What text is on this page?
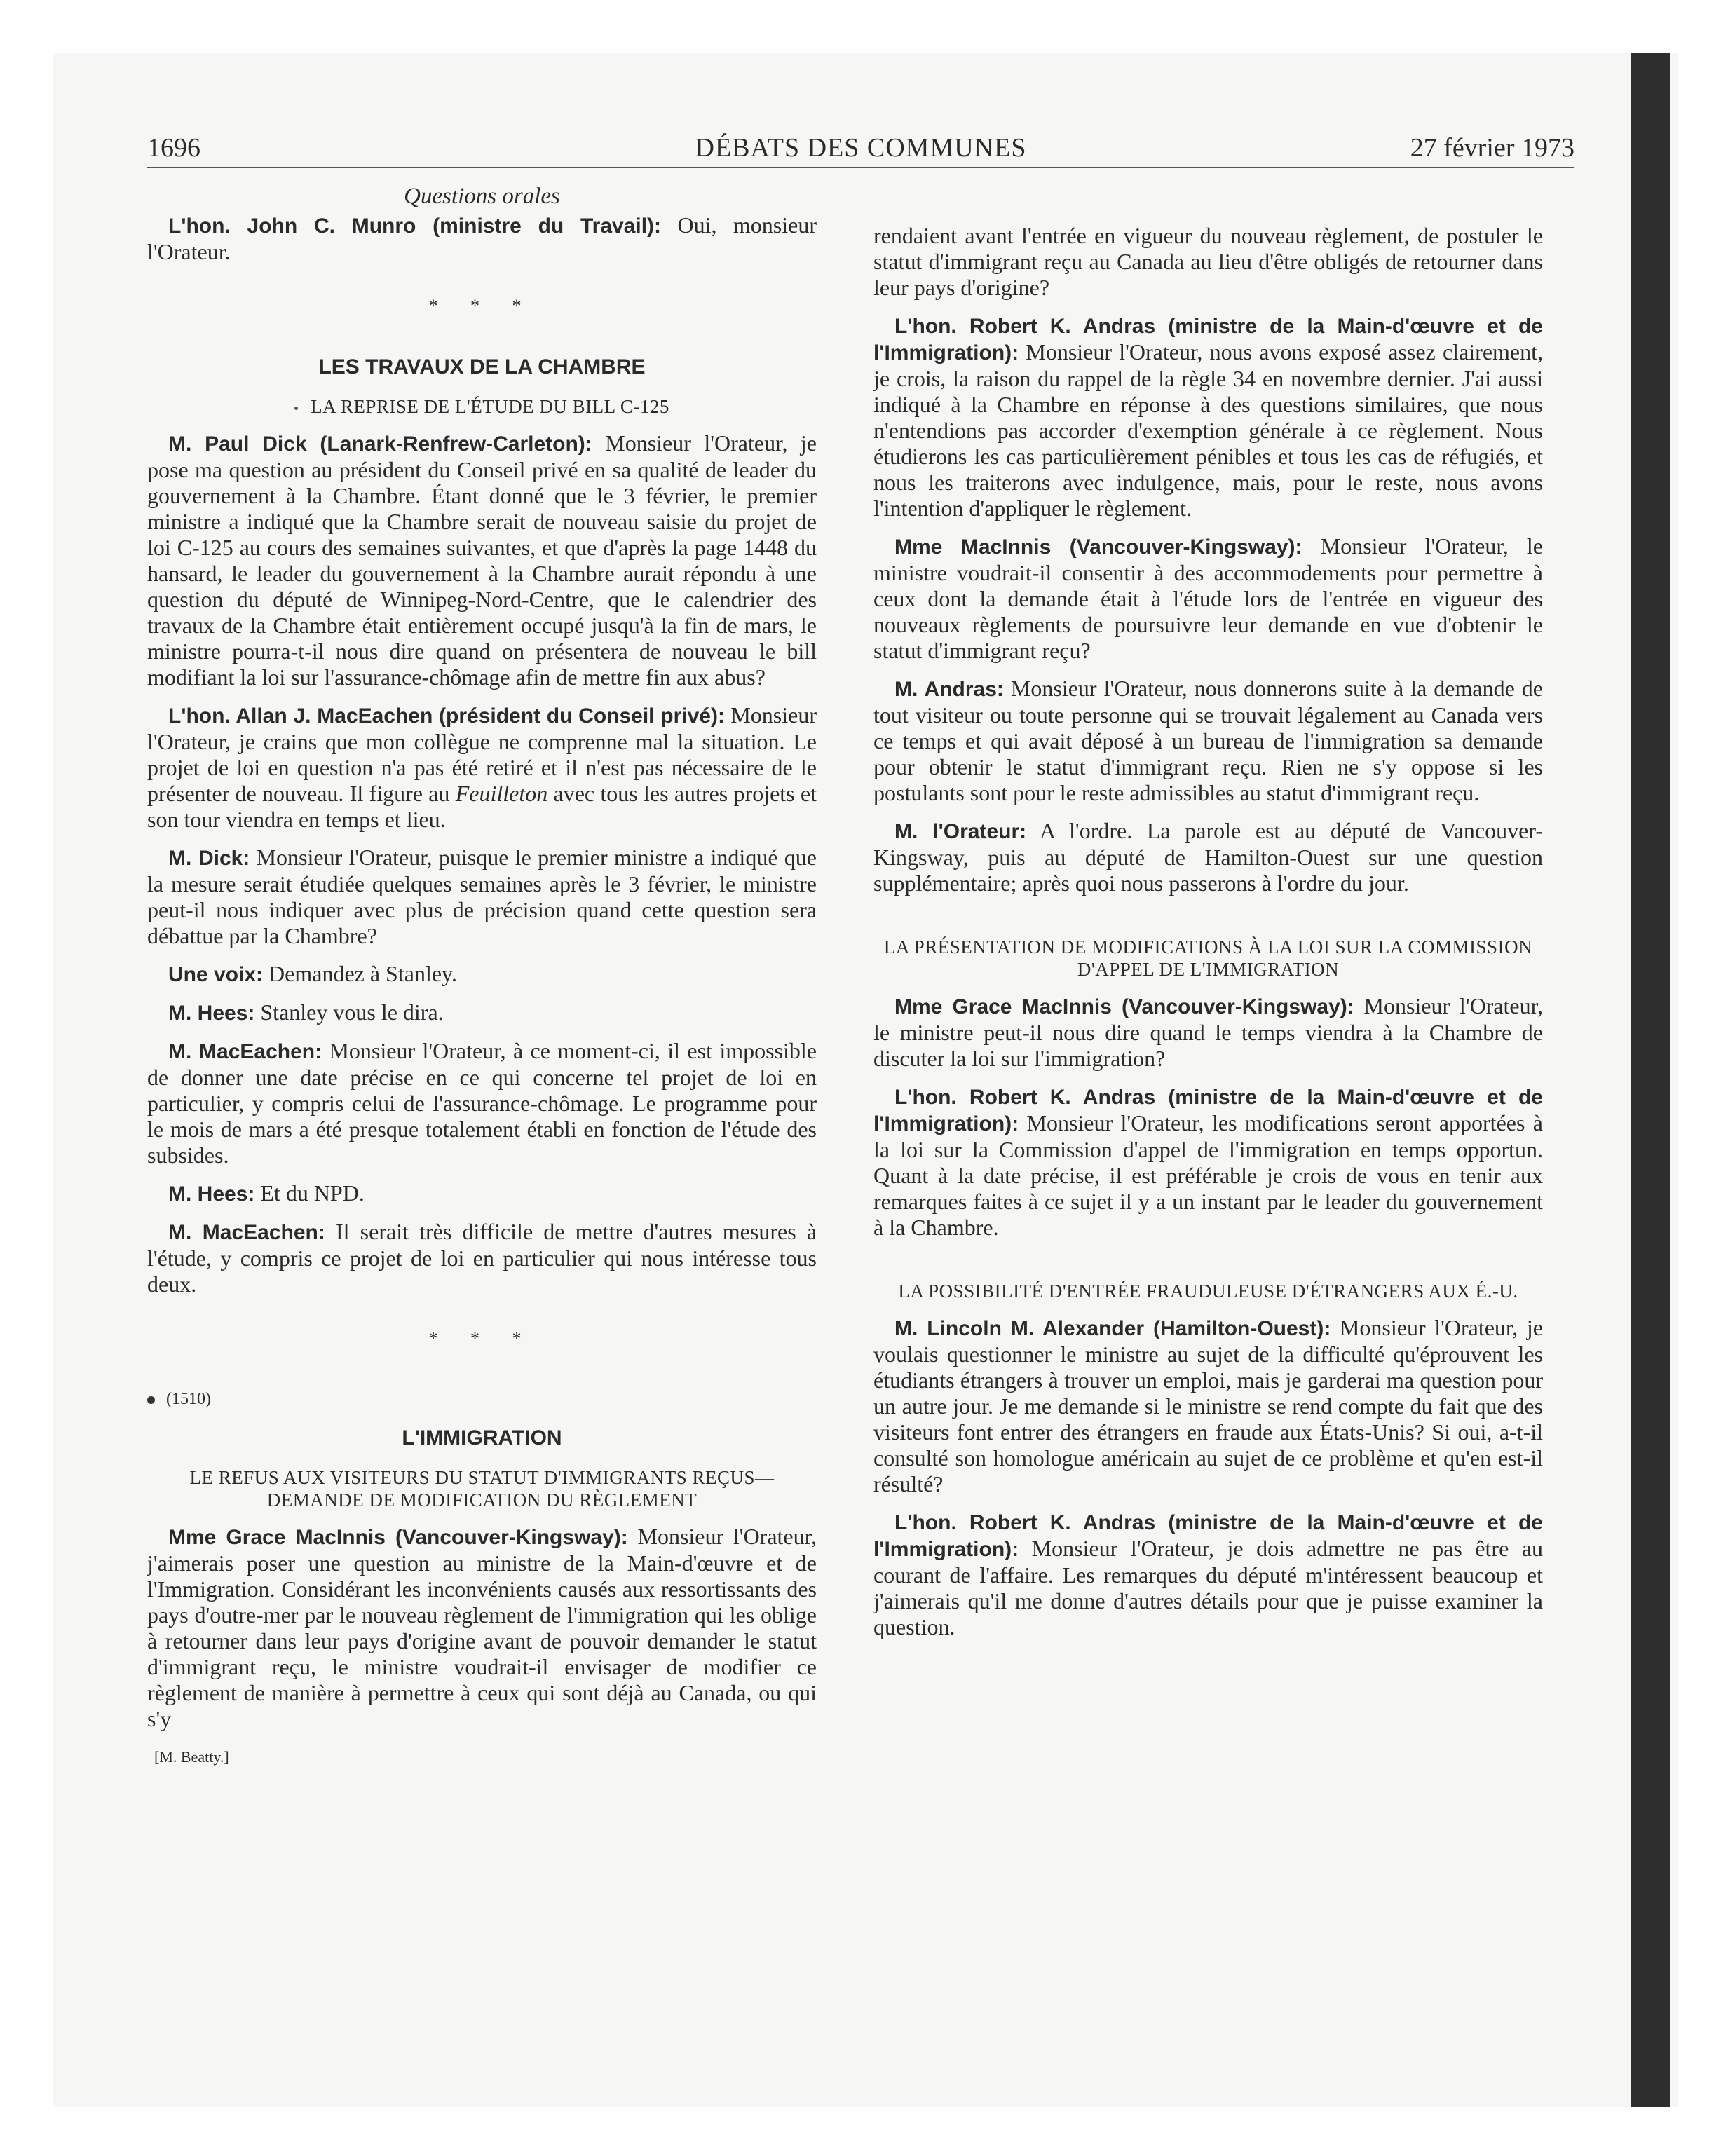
1696	DÉBATS DES COMMUNES	27 février 1973
Questions orales

L'hon. John C. Munro (ministre du Travail): Oui, monsieur l'Orateur.

* * *
LES TRAVAUX DE LA CHAMBRE
LA REPRISE DE L'ÉTUDE DU BILL C-125

M. Paul Dick (Lanark-Renfrew-Carleton): Monsieur l'Orateur, je pose ma question au président du Conseil privé en sa qualité de leader du gouvernement à la Chambre. Étant donné que le 3 février, le premier ministre a indiqué que la Chambre serait de nouveau saisie du projet de loi C-125 au cours des semaines suivantes, et que d'après la page 1448 du hansard, le leader du gouvernement à la Chambre aurait répondu à une question du député de Winnipeg-Nord-Centre, que le calendrier des travaux de la Chambre était entièrement occupé jusqu'à la fin de mars, le ministre pourra-t-il nous dire quand on présentera de nouveau le bill modifiant la loi sur l'assurance-chômage afin de mettre fin aux abus?

L'hon. Allan J. MacEachen (président du Conseil privé): Monsieur l'Orateur, je crains que mon collègue ne comprenne mal la situation. Le projet de loi en question n'a pas été retiré et il n'est pas nécessaire de le présenter de nouveau. Il figure au Feuilleton avec tous les autres projets et son tour viendra en temps et lieu.

M. Dick: Monsieur l'Orateur, puisque le premier ministre a indiqué que la mesure serait étudiée quelques semaines après le 3 février, le ministre peut-il nous indiquer avec plus de précision quand cette question sera débattue par la Chambre?

Une voix: Demandez à Stanley.

M. Hees: Stanley vous le dira.

M. MacEachen: Monsieur l'Orateur, à ce moment-ci, il est impossible de donner une date précise en ce qui concerne tel projet de loi en particulier, y compris celui de l'assurance-chômage. Le programme pour le mois de mars a été presque totalement établi en fonction de l'étude des subsides.

M. Hees: Et du NPD.

M. MacEachen: Il serait très difficile de mettre d'autres mesures à l'étude, y compris ce projet de loi en particulier qui nous intéresse tous deux.

* * *
(1510)
L'IMMIGRATION
LE REFUS AUX VISITEURS DU STATUT D'IMMIGRANTS REÇUS—DEMANDE DE MODIFICATION DU RÈGLEMENT

Mme Grace MacInnis (Vancouver-Kingsway): Monsieur l'Orateur, j'aimerais poser une question au ministre de la Main-d'œuvre et de l'Immigration. Considérant les inconvénients causés aux ressortissants des pays d'outre-mer par le nouveau règlement de l'immigration qui les oblige à retourner dans leur pays d'origine avant de pouvoir demander le statut d'immigrant reçu, le ministre voudrait-il envisager de modifier ce règlement de manière à permettre à ceux qui sont déjà au Canada, ou qui s'y

[M. Beatty.]

rendaient avant l'entrée en vigueur du nouveau règlement, de postuler le statut d'immigrant reçu au Canada au lieu d'être obligés de retourner dans leur pays d'origine?

L'hon. Robert K. Andras (ministre de la Main-d'œuvre et de l'Immigration): Monsieur l'Orateur, nous avons exposé assez clairement, je crois, la raison du rappel de la règle 34 en novembre dernier. J'ai aussi indiqué à la Chambre en réponse à des questions similaires, que nous n'entendions pas accorder d'exemption générale à ce règlement. Nous étudierons les cas particulièrement pénibles et tous les cas de réfugiés, et nous les traiterons avec indulgence, mais, pour le reste, nous avons l'intention d'appliquer le règlement.

Mme MacInnis (Vancouver-Kingsway): Monsieur l'Orateur, le ministre voudrait-il consentir à des accommodements pour permettre à ceux dont la demande était à l'étude lors de l'entrée en vigueur des nouveaux règlements de poursuivre leur demande en vue d'obtenir le statut d'immigrant reçu?

M. Andras: Monsieur l'Orateur, nous donnerons suite à la demande de tout visiteur ou toute personne qui se trouvait légalement au Canada vers ce temps et qui avait déposé à un bureau de l'immigration sa demande pour obtenir le statut d'immigrant reçu. Rien ne s'y oppose si les postulants sont pour le reste admissibles au statut d'immigrant reçu.

M. l'Orateur: A l'ordre. La parole est au député de Vancouver-Kingsway, puis au député de Hamilton-Ouest sur une question supplémentaire; après quoi nous passerons à l'ordre du jour.

LA PRÉSENTATION DE MODIFICATIONS À LA LOI SUR LA COMMISSION D'APPEL DE L'IMMIGRATION

Mme Grace MacInnis (Vancouver-Kingsway): Monsieur l'Orateur, le ministre peut-il nous dire quand le temps viendra à la Chambre de discuter la loi sur l'immigration?

L'hon. Robert K. Andras (ministre de la Main-d'œuvre et de l'Immigration): Monsieur l'Orateur, les modifications seront apportées à la loi sur la Commission d'appel de l'immigration en temps opportun. Quant à la date précise, il est préférable je crois de vous en tenir aux remarques faites à ce sujet il y a un instant par le leader du gouvernement à la Chambre.

LA POSSIBILITÉ D'ENTRÉE FRAUDULEUSE D'ÉTRANGERS AUX É.-U.

M. Lincoln M. Alexander (Hamilton-Ouest): Monsieur l'Orateur, je voulais questionner le ministre au sujet de la difficulté qu'éprouvent les étudiants étrangers à trouver un emploi, mais je garderai ma question pour un autre jour. Je me demande si le ministre se rend compte du fait que des visiteurs font entrer des étrangers en fraude aux États-Unis? Si oui, a-t-il consulté son homologue américain au sujet de ce problème et qu'en est-il résulté?

L'hon. Robert K. Andras (ministre de la Main-d'œuvre et de l'Immigration): Monsieur l'Orateur, je dois admettre ne pas être au courant de l'affaire. Les remarques du député m'intéressent beaucoup et j'aimerais qu'il me donne d'autres détails pour que je puisse examiner la question.
